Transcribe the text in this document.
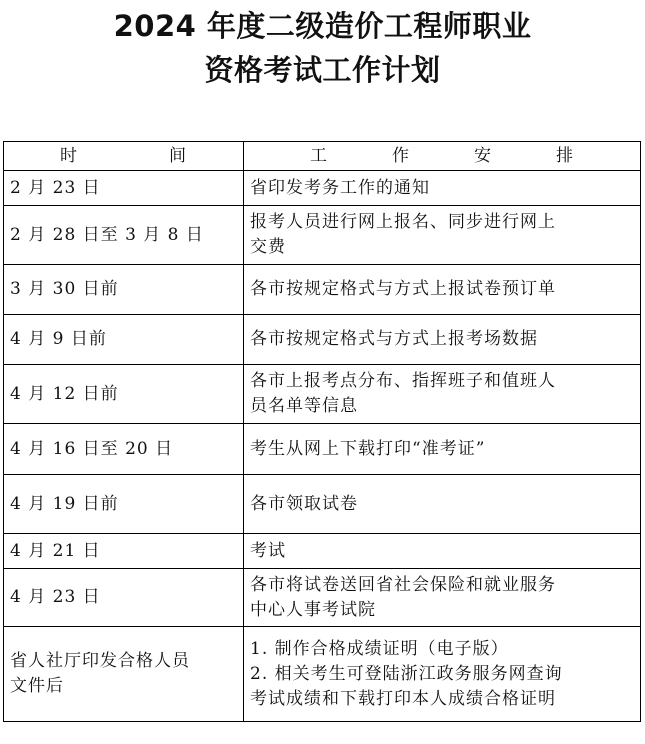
2024 年度二级造价工程师职业
资格考试工作计划
时 间	工 作 安 排

2 月 23 日	省印发考务工作的通知

2 月 28 日至 3 月 8 日	报考人员进行网上报名、同步进行网上
交费

3 月 30 日前	各市按规定格式与方式上报试卷预订单

4 月 9 日前	各市按规定格式与方式上报考场数据

4 月 12 日前	各市上报考点分布、指挥班子和值班人
员名单等信息

4 月 16 日至 20 日	考生从网上下载打印“准考证”

4 月 19 日前	各市领取试卷

4 月 21 日	考试

4 月 23 日	各市将试卷送回省社会保险和就业服务
中心人事考试院

省人社厅印发合格人员
文件后	1. 制作合格成绩证明（电子版）
2. 相关考生可登陆浙江政务服务网查询
考试成绩和下载打印本人成绩合格证明
